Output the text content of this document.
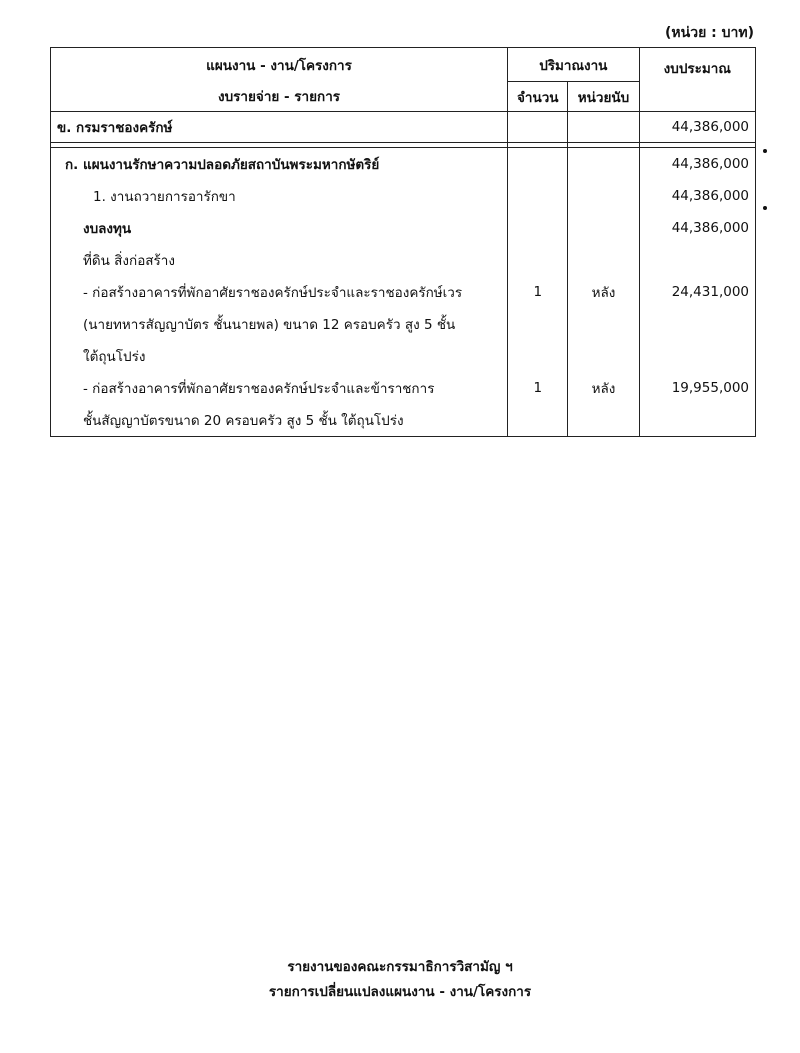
(หน่วย : บาท)
แผนงาน - งาน/โครงการ	ปริมาณงาน		งบประมาณ
งบรายจ่าย - รายการ	จำนวน	หน่วยนับ	
ข. กรมราชองครักษ์			44,386,000

ก. แผนงานรักษาความปลอดภัยสถาบันพระมหากษัตริย์			44,386,000
1. งานถวายการอารักขา			44,386,000
งบลงทุน			44,386,000
ที่ดิน สิ่งก่อสร้าง			
- ก่อสร้างอาคารที่พักอาศัยราชองครักษ์ประจำและราชองครักษ์เวร	1	หลัง	24,431,000
(นายทหารสัญญาบัตร ชั้นนายพล) ขนาด 12 ครอบครัว สูง 5 ชั้น			
ใต้ถุนโปร่ง			
- ก่อสร้างอาคารที่พักอาศัยราชองครักษ์ประจำและข้าราชการ	1	หลัง	19,955,000
ชั้นสัญญาบัตรขนาด 20 ครอบครัว สูง 5 ชั้น ใต้ถุนโปร่ง			
รายงานของคณะกรรมาธิการวิสามัญ ฯ
รายการเปลี่ยนแปลงแผนงาน - งาน/โครงการ
